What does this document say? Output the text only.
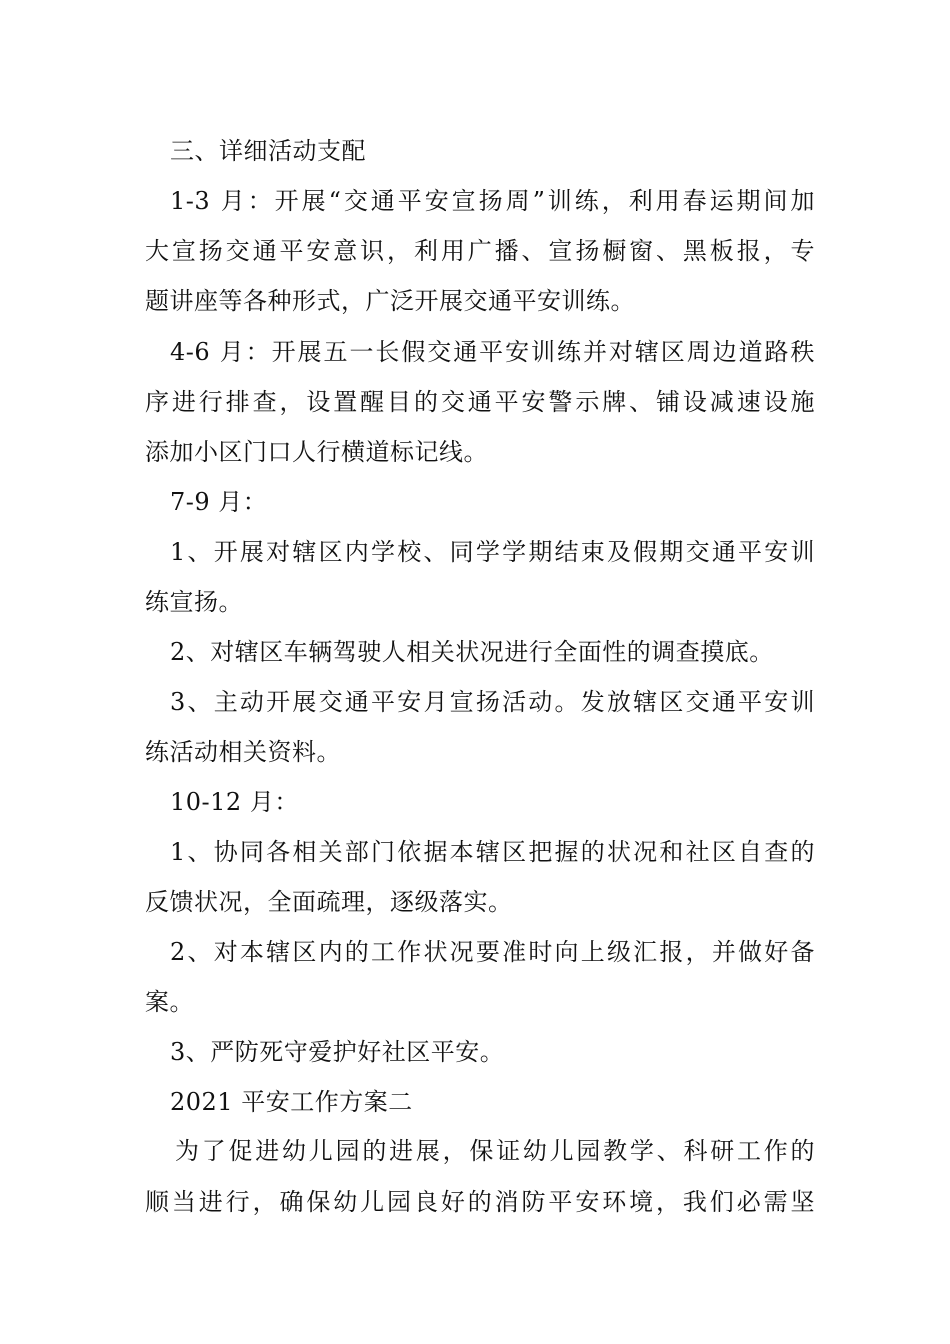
三、详细活动支配
1-3 月：开展“交通平安宣扬周”训练，利用春运期间加
大宣扬交通平安意识，利用广播、宣扬橱窗、黑板报，专
题讲座等各种形式，广泛开展交通平安训练。
4-6 月：开展五一长假交通平安训练并对辖区周边道路秩
序进行排查，设置醒目的交通平安警示牌、铺设减速设施
添加小区门口人行横道标记线。
7-9 月：
1、开展对辖区内学校、同学学期结束及假期交通平安训
练宣扬。
2、对辖区车辆驾驶人相关状况进行全面性的调查摸底。
3、主动开展交通平安月宣扬活动。发放辖区交通平安训
练活动相关资料。
10-12 月：
1、协同各相关部门依据本辖区把握的状况和社区自查的
反馈状况，全面疏理，逐级落实。
2、对本辖区内的工作状况要准时向上级汇报，并做好备
案。
3、严防死守爱护好社区平安。
2021 平安工作方案二
为了促进幼儿园的进展，保证幼儿园教学、科研工作的
顺当进行，确保幼儿园良好的消防平安环境，我们必需坚
